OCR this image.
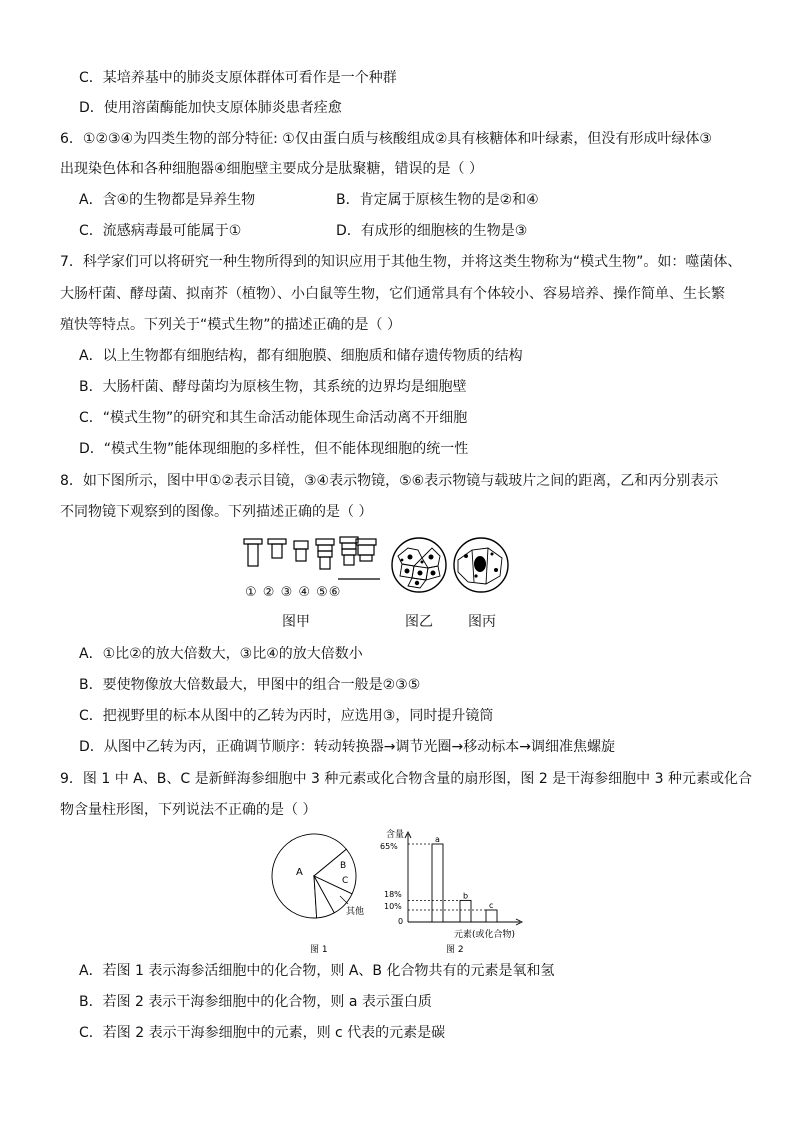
C．某培养基中的肺炎支原体群体可看作是一个种群
D．使用溶菌酶能加快支原体肺炎患者痊愈
6．①②③④为四类生物的部分特征: ①仅由蛋白质与核酸组成②具有核糖体和叶绿素，但没有形成叶绿体③
出现染色体和各种细胞器④细胞壁主要成分是肽聚糖，错误的是（ ）
A．含④的生物都是异养生物	B．肯定属于原核生物的是②和④
C．流感病毒最可能属于①	D．有成形的细胞核的生物是③
7．科学家们可以将研究一种生物所得到的知识应用于其他生物，并将这类生物称为“模式生物”。如：噬菌体、
大肠杆菌、酵母菌、拟南芥（植物）、小白鼠等生物，它们通常具有个体较小、容易培养、操作简单、生长繁
殖快等特点。下列关于“模式生物”的描述正确的是（ ）
A．以上生物都有细胞结构，都有细胞膜、细胞质和储存遗传物质的结构
B．大肠杆菌、酵母菌均为原核生物，其系统的边界均是细胞壁
C．“模式生物”的研究和其生命活动能体现生命活动离不开细胞
D．“模式生物”能体现细胞的多样性，但不能体现细胞的统一性
8．如下图所示，图中甲①②表示目镜，③④表示物镜，⑤⑥表示物镜与载玻片之间的距离，乙和丙分别表示
不同物镜下观察到的图像。下列描述正确的是（ ）
① ② ③ ④ ⑤⑥
图甲	图乙	图丙
A．①比②的放大倍数大，③比④的放大倍数小
B．要使物像放大倍数最大，甲图中的组合一般是②③⑤
C．把视野里的标本从图中的乙转为丙时，应选用③，同时提升镜筒
D．从图中乙转为丙，正确调节顺序：转动转换器→调节光圈→移动标本→调细准焦螺旋
9．图 1 中 A、B、C 是新鲜海参细胞中 3 种元素或化合物含量的扇形图，图 2 是干海参细胞中 3 种元素或化合
物含量柱形图，下列说法不正确的是（ ）
A
B
C
其他
图 1
含量
65%
18%
10%
0
a
b
c
元素(或化合物)
图 2
A．若图 1 表示海参活细胞中的化合物，则 A、B 化合物共有的元素是氧和氢
B．若图 2 表示干海参细胞中的化合物，则 a 表示蛋白质
C．若图 2 表示干海参细胞中的元素，则 c 代表的元素是碳
